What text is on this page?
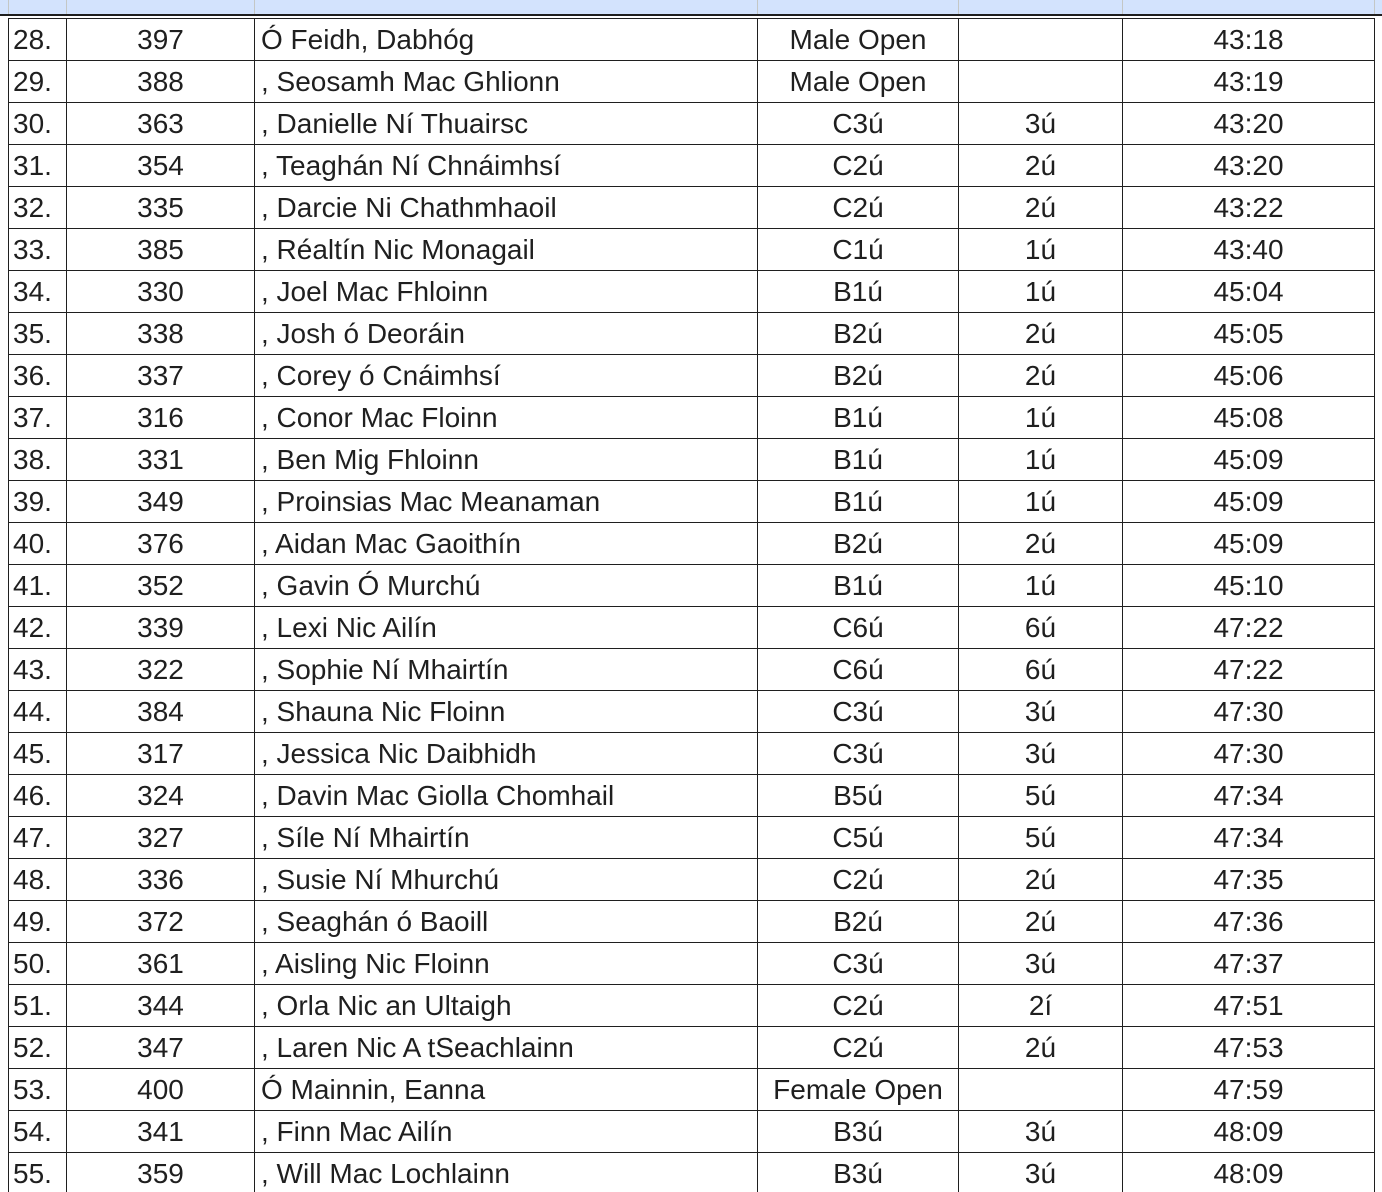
28.	397	Ó Feidh, Dabhóg	Male Open		43:18
29.	388	, Seosamh Mac Ghlionn	Male Open		43:19
30.	363	, Danielle Ní Thuairsc	C3ú	3ú	43:20
31.	354	, Teaghán Ní Chnáimhsí	C2ú	2ú	43:20
32.	335	, Darcie Ni Chathmhaoil	C2ú	2ú	43:22
33.	385	, Réaltín Nic Monagail	C1ú	1ú	43:40
34.	330	, Joel Mac Fhloinn	B1ú	1ú	45:04
35.	338	, Josh ó Deoráin	B2ú	2ú	45:05
36.	337	, Corey ó Cnáimhsí	B2ú	2ú	45:06
37.	316	, Conor Mac Floinn	B1ú	1ú	45:08
38.	331	, Ben Mig Fhloinn	B1ú	1ú	45:09
39.	349	, Proinsias Mac Meanaman	B1ú	1ú	45:09
40.	376	, Aidan Mac Gaoithín	B2ú	2ú	45:09
41.	352	, Gavin Ó Murchú	B1ú	1ú	45:10
42.	339	, Lexi Nic Ailín	C6ú	6ú	47:22
43.	322	, Sophie Ní Mhairtín	C6ú	6ú	47:22
44.	384	, Shauna Nic Floinn	C3ú	3ú	47:30
45.	317	, Jessica Nic Daibhidh	C3ú	3ú	47:30
46.	324	, Davin Mac Giolla Chomhail	B5ú	5ú	47:34
47.	327	, Síle Ní Mhairtín	C5ú	5ú	47:34
48.	336	, Susie Ní Mhurchú	C2ú	2ú	47:35
49.	372	, Seaghán ó Baoill	B2ú	2ú	47:36
50.	361	, Aisling Nic Floinn	C3ú	3ú	47:37
51.	344	, Orla Nic an Ultaigh	C2ú	2í	47:51
52.	347	, Laren Nic A tSeachlainn	C2ú	2ú	47:53
53.	400	Ó Mainnin, Eanna	Female Open		47:59
54.	341	, Finn Mac Ailín	B3ú	3ú	48:09
55.	359	, Will Mac Lochlainn	B3ú	3ú	48:09
